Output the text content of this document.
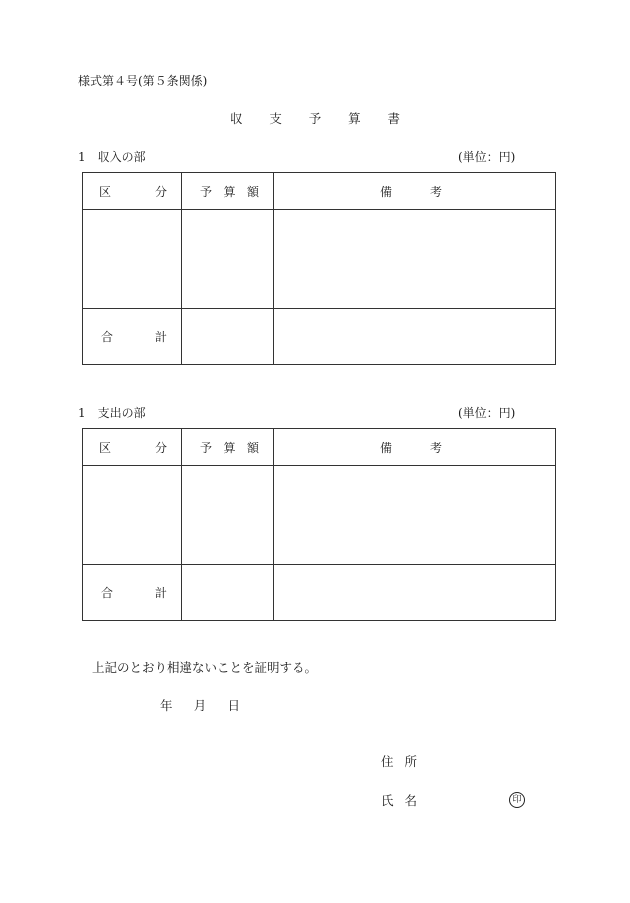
様式第４号(第５条関係)
収 支 予 算 書
1　収入の部	(単位：円)
区 分	予 算 額	備 考

合 計		

1　支出の部	(単位：円)
区 分	予 算 額	備 考

合 計		

上記のとおり相違ないことを証明する。
年 月 日
住 所
氏 名	印
